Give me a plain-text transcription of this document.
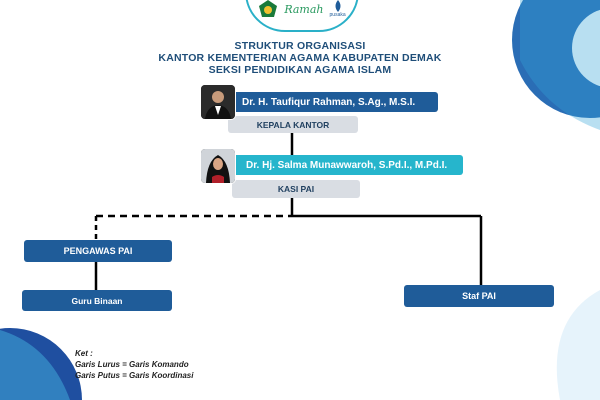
Ramah pusaka
STRUKTUR ORGANISASI
KANTOR KEMENTERIAN AGAMA KABUPATEN DEMAK
SEKSI PENDIDIKAN AGAMA ISLAM
Dr. H. Taufiqur Rahman, S.Ag., M.S.I.
KEPALA KANTOR
Dr. Hj. Salma Munawwaroh, S.Pd.I., M.Pd.I.
KASI PAI
PENGAWAS PAI
Guru Binaan	Staf PAI
Ket :
Garis Lurus = Garis Komando
Garis Putus = Garis Koordinasi
